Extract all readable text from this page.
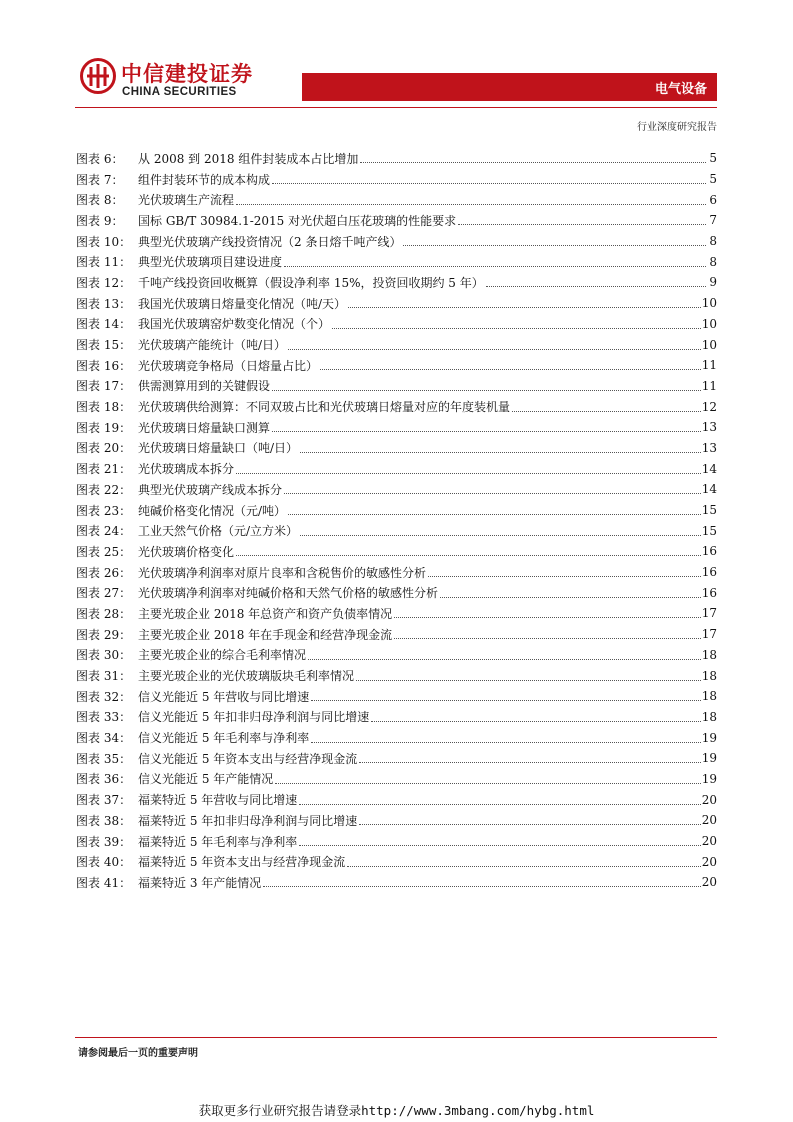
中信建投证券
CHINA SECURITIES	电气设备
行业深度研究报告
图表 6：	从 2008 到 2018 组件封装成本占比增加	5
图表 7：	组件封装环节的成本构成	5
图表 8：	光伏玻璃生产流程	6
图表 9：	国标 GB/T 30984.1-2015 对光伏超白压花玻璃的性能要求	7
图表 10： 典型光伏玻璃产线投资情况（2 条日熔千吨产线）	8
图表 11： 典型光伏玻璃项目建设进度	8
图表 12： 千吨产线投资回收概算（假设净利率 15%，投资回收期约 5 年）	9
图表 13： 我国光伏玻璃日熔量变化情况（吨/天）	10
图表 14： 我国光伏玻璃窑炉数变化情况（个）	10
图表 15： 光伏玻璃产能统计（吨/日）	10
图表 16： 光伏玻璃竞争格局（日熔量占比）	11
图表 17： 供需测算用到的关键假设	11
图表 18： 光伏玻璃供给测算：不同双玻占比和光伏玻璃日熔量对应的年度装机量	12
图表 19： 光伏玻璃日熔量缺口测算	13
图表 20： 光伏玻璃日熔量缺口（吨/日）	13
图表 21： 光伏玻璃成本拆分	14
图表 22： 典型光伏玻璃产线成本拆分	14
图表 23： 纯碱价格变化情况（元/吨）	15
图表 24： 工业天然气价格（元/立方米）	15
图表 25： 光伏玻璃价格变化	16
图表 26： 光伏玻璃净利润率对原片良率和含税售价的敏感性分析	16
图表 27： 光伏玻璃净利润率对纯碱价格和天然气价格的敏感性分析	16
图表 28： 主要光玻企业 2018 年总资产和资产负债率情况	17
图表 29： 主要光玻企业 2018 年在手现金和经营净现金流	17
图表 30： 主要光玻企业的综合毛利率情况	18
图表 31： 主要光玻企业的光伏玻璃版块毛利率情况	18
图表 32： 信义光能近 5 年营收与同比增速	18
图表 33： 信义光能近 5 年扣非归母净利润与同比增速	18
图表 34： 信义光能近 5 年毛利率与净利率	19
图表 35： 信义光能近 5 年资本支出与经营净现金流	19
图表 36： 信义光能近 5 年产能情况	19
图表 37： 福莱特近 5 年营收与同比增速	20
图表 38： 福莱特近 5 年扣非归母净利润与同比增速	20
图表 39： 福莱特近 5 年毛利率与净利率	20
图表 40： 福莱特近 5 年资本支出与经营净现金流	20
图表 41： 福莱特近 3 年产能情况	20
请参阅最后一页的重要声明
获取更多行业研究报告请登录http://www.3mbang.com/hybg.html
